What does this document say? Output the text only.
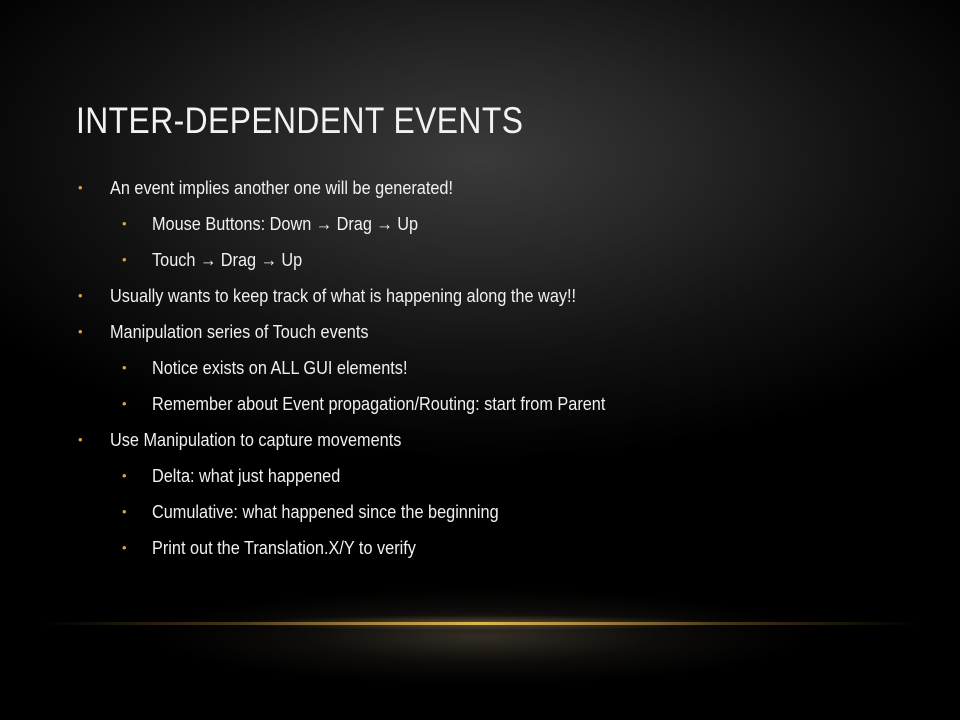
INTER-DEPENDENT EVENTS
• An event implies another one will be generated!
• Mouse Buttons: Down → Drag → Up
• Touch → Drag → Up
• Usually wants to keep track of what is happening along the way!!
• Manipulation series of Touch events
• Notice exists on ALL GUI elements!
• Remember about Event propagation/Routing: start from Parent
• Use Manipulation to capture movements
• Delta: what just happened
• Cumulative: what happened since the beginning
• Print out the Translation.X/Y to verify
